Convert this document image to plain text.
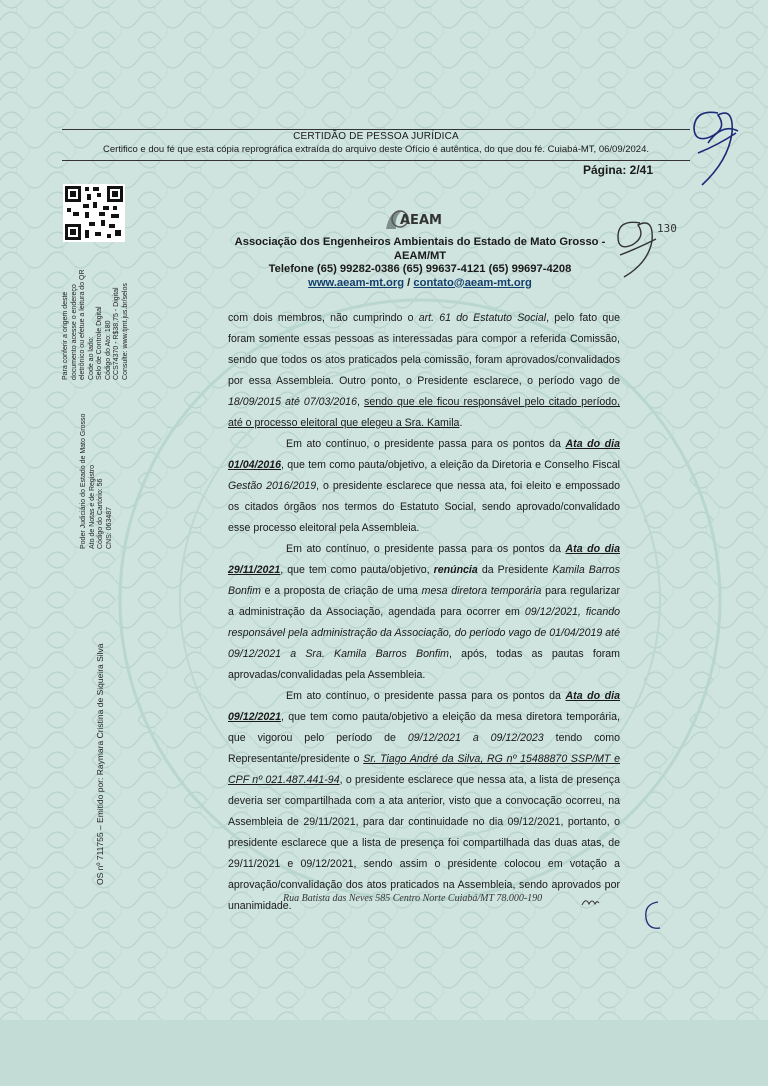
CERTIDÃO DE PESSOA JURÍDICA
Certifico e dou fé que esta cópia reprográfica extraída do arquivo deste Ofício é autêntica, do que dou fé. Cuiabá-MT, 06/09/2024.
Página: 2/41
Para conferir a origem deste documento acesse o endereço eletrônico ou efetue a leitura do QR Code ao lado: Selo de Controle Digital Código do Ato: 180 CCS74370 - R$38,75 - Digital Consulte: www.tjmt.jus.br/selos
Poder Judiciário do Estado de Mato Grosso Ato de Notas e de Registro Código do Cartório: 56 CNS: 063487
OS nº 711755 – Emitido por: Raymara Cristina de Siqueira Silva
AEAM
Associação dos Engenheiros Ambientais do Estado de Mato Grosso -
AEAM/MT
Telefone (65) 99282-0386 (65) 99637-4121 (65) 99697-4208
www.aeam-mt.org / contato@aeam-mt.org
130

com dois membros, não cumprindo o art. 61 do Estatuto Social, pelo fato que foram somente essas pessoas as interessadas para compor a referida Comissão, sendo que todos os atos praticados pela comissão, foram aprovados/convalidados por essa Assembleia. Outro ponto, o Presidente esclarece, o período vago de 18/09/2015 até 07/03/2016, sendo que ele ficou responsável pelo citado período, até o processo eleitoral que elegeu a Sra. Kamila.

Em ato contínuo, o presidente passa para os pontos da Ata do dia 01/04/2016, que tem como pauta/objetivo, a eleição da Diretoria e Conselho Fiscal Gestão 2016/2019, o presidente esclarece que nessa ata, foi eleito e empossado os citados órgãos nos termos do Estatuto Social, sendo aprovado/convalidado esse processo eleitoral pela Assembleia.

Em ato contínuo, o presidente passa para os pontos da Ata do dia 29/11/2021, que tem como pauta/objetivo, renúncia da Presidente Kamila Barros Bonfim e a proposta de criação de uma mesa diretora temporária para regularizar a administração da Associação, agendada para ocorrer em 09/12/2021, ficando responsável pela administração da Associação, do período vago de 01/04/2019 até 09/12/2021 a Sra. Kamila Barros Bonfim, após, todas as pautas foram aprovadas/convalidadas pela Assembleia.

Em ato contínuo, o presidente passa para os pontos da Ata do dia 09/12/2021, que tem como pauta/objetivo a eleição da mesa diretora temporária, que vigorou pelo período de 09/12/2021 a 09/12/2023 tendo como Representante/presidente o Sr. Tiago André da Silva, RG nº 15488870 SSP/MT e CPF nº 021.487.441-94, o presidente esclarece que nessa ata, a lista de presença deveria ser compartilhada com a ata anterior, visto que a convocação ocorreu, na Assembleia de 29/11/2021, para dar continuidade no dia 09/12/2021, portanto, o presidente esclarece que a lista de presença foi compartilhada das duas atas, de 29/11/2021 e 09/12/2021, sendo assim o presidente colocou em votação a aprovação/convalidação dos atos praticados na Assembleia, sendo aprovados por unanimidade.

Rua Batista das Neves 585 Centro Norte Cuiabá/MT 78.000-190
